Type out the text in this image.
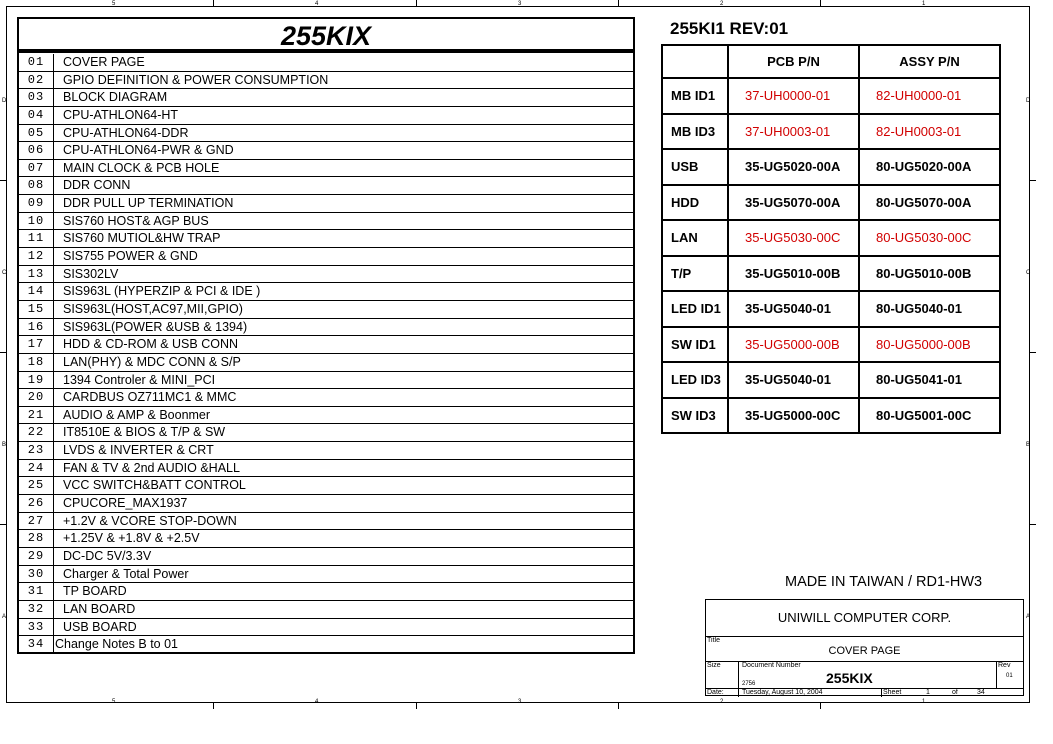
5	4	3	2	1
5	4	3	2	1
D
C
B
A
D
C
B
A
255KIX
01	COVER PAGE
02	GPIO DEFINITION & POWER CONSUMPTION
03	BLOCK DIAGRAM
04	CPU-ATHLON64-HT
05	CPU-ATHLON64-DDR
06	CPU-ATHLON64-PWR & GND
07	MAIN CLOCK & PCB HOLE
08	DDR CONN
09	DDR PULL UP TERMINATION
10	SIS760 HOST& AGP BUS
11	SIS760 MUTIOL&HW TRAP
12	SIS755 POWER & GND
13	SIS302LV
14	SIS963L (HYPERZIP & PCI & IDE )
15	SIS963L(HOST,AC97,MII,GPIO)
16	SIS963L(POWER &USB & 1394)
17	HDD & CD-ROM & USB CONN
18	LAN(PHY) & MDC CONN & S/P
19	1394 Controler & MINI_PCI
20	CARDBUS OZ711MC1 & MMC
21	AUDIO & AMP & Boonmer
22	IT8510E & BIOS & T/P & SW
23	LVDS & INVERTER & CRT
24	FAN & TV & 2nd AUDIO &HALL
25	VCC SWITCH&BATT CONTROL
26	CPUCORE_MAX1937
27	+1.2V & VCORE STOP-DOWN
28	+1.25V & +1.8V & +2.5V
29	DC-DC 5V/3.3V
30	Charger & Total Power
31	TP BOARD
32	LAN BOARD
33	USB BOARD
34 Change Notes B to 01
255KI1 REV:01
	PCB P/N	ASSY P/N
MB ID1	37-UH0000-01	82-UH0000-01
MB ID3	37-UH0003-01	82-UH0003-01
USB	35-UG5020-00A	80-UG5020-00A
HDD	35-UG5070-00A	80-UG5070-00A
LAN	35-UG5030-00C	80-UG5030-00C
T/P	35-UG5010-00B	80-UG5010-00B
LED ID1	35-UG5040-01	80-UG5040-01
SW ID1	35-UG5000-00B	80-UG5000-00B
LED ID3	35-UG5040-01	80-UG5041-01
SW ID3	35-UG5000-00C	80-UG5001-00C
MADE IN TAIWAN / RD1-HW3
UNIWILL COMPUTER CORP.
Title
COVER PAGE
Size	Document Number
2756	255KIX
Rev
01
Date:	Tuesday, August 10, 2004	Sheet	1	of	34
